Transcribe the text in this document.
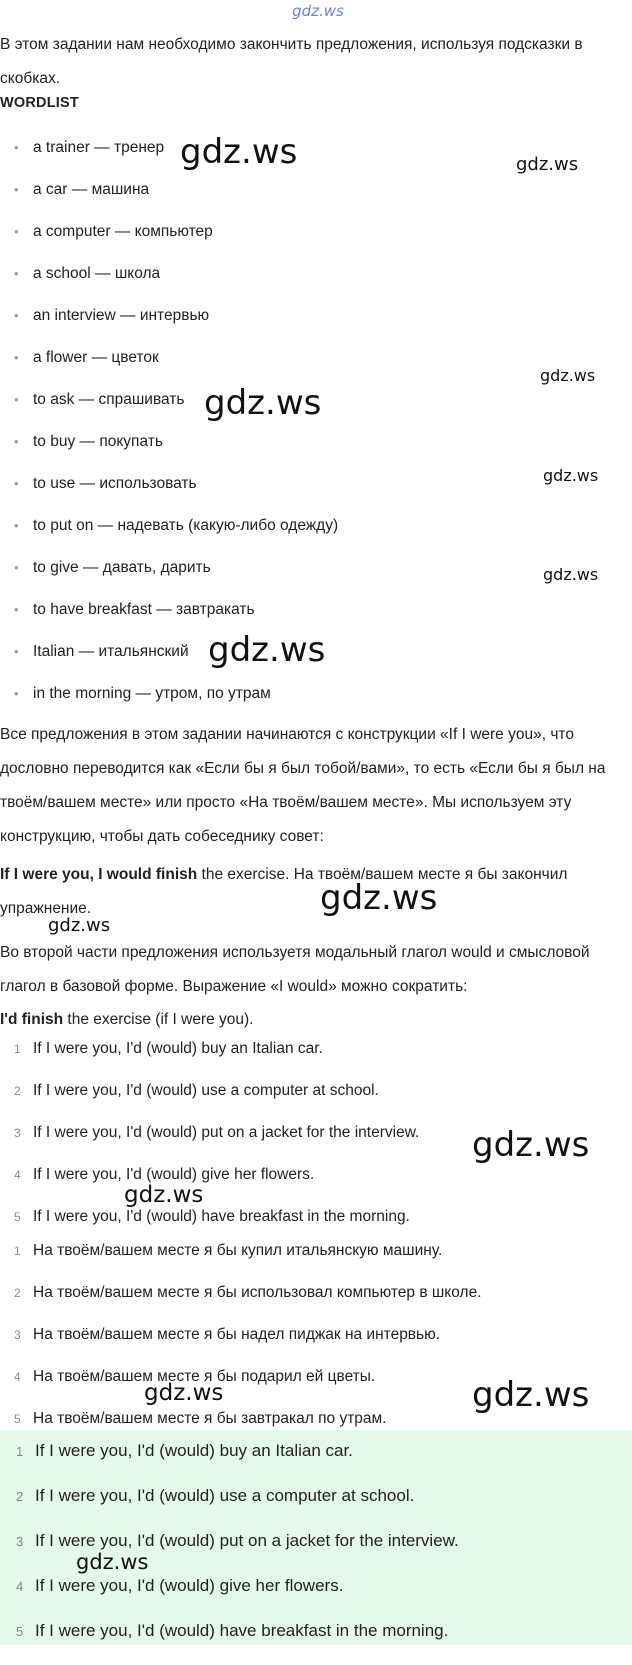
gdz.ws

В этом задании нам необходимо закончить предложения, используя подсказки в скобках.

WORDLIST
• a trainer — тренер
• a car — машина
• a computer — компьютер
• a school — школа
• an interview — интервью
• a flower — цветок
• to ask — спрашивать
• to buy — покупать
• to use — использовать
• to put on — надевать (какую-либо одежду)
• to give — давать, дарить
• to have breakfast — завтракать
• Italian — итальянский
• in the morning — утром, по утрам

Все предложения в этом задании начинаются с конструкции «If I were you», что дословно переводится как «Если бы я был тобой/вами», то есть «Если бы я был на твоём/вашем месте» или просто «На твоём/вашем месте». Мы используем эту конструкцию, чтобы дать собеседнику совет:

If I were you, I would finish the exercise. На твоём/вашем месте я бы закончил упражнение.

Во второй части предложения используетя модальный глагол would и смысловой глагол в базовой форме. Выражение «I would» можно сократить:

I'd finish the exercise (if I were you).

1 If I were you, I'd (would) buy an Italian car.
2 If I were you, I'd (would) use a computer at school.
3 If I were you, I'd (would) put on a jacket for the interview.
4 If I were you, I'd (would) give her flowers.
5 If I were you, I'd (would) have breakfast in the morning.
1 На твоём/вашем месте я бы купил итальянскую машину.
2 На твоём/вашем месте я бы использовал компьютер в школе.
3 На твоём/вашем месте я бы надел пиджак на интервью.
4 На твоём/вашем месте я бы подарил ей цветы.
5 На твоём/вашем месте я бы завтракал по утрам.
1 If I were you, I'd (would) buy an Italian car.
2 If I were you, I'd (would) use a computer at school.
3 If I were you, I'd (would) put on a jacket for the interview.
4 If I were you, I'd (would) give her flowers.
5 If I were you, I'd (would) have breakfast in the morning.
gdz.ws	gdz.ws
gdz.ws
gdz.ws
gdz.ws
gdz.ws
gdz.ws
gdz.ws
gdz.ws
gdz.ws
gdz.ws
gdz.ws	gdz.ws
gdz.ws
